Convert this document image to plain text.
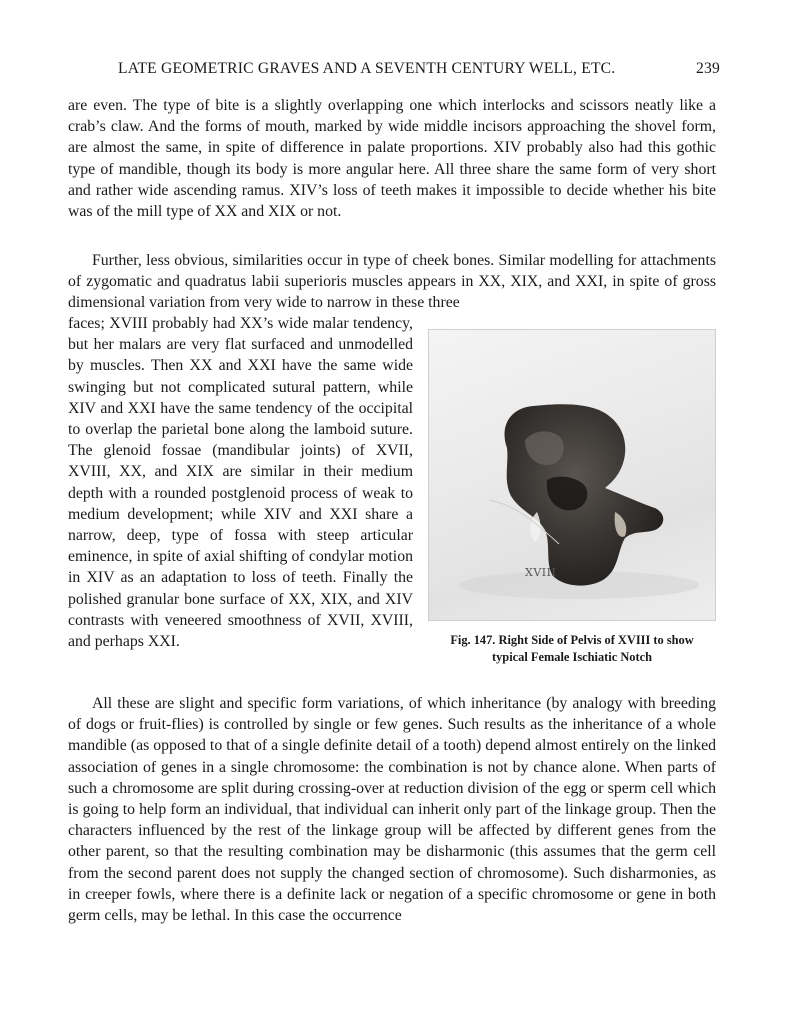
LATE GEOMETRIC GRAVES AND A SEVENTH CENTURY WELL, ETC.	239

are even. The type of bite is a slightly overlapping one which interlocks and scissors neatly like a crab’s claw. And the forms of mouth, marked by wide middle incisors approaching the shovel form, are almost the same, in spite of difference in palate proportions. XIV probably also had this gothic type of mandible, though its body is more angular here. All three share the same form of very short and rather wide ascending ramus. XIV’s loss of teeth makes it impossible to decide whether his bite was of the mill type of XX and XIX or not.

Further, less obvious, similarities occur in type of cheek bones. Similar modelling for attachments of zygomatic and quadratus labii superioris muscles appears in XX, XIX, and XXI, in spite of gross dimensional variation from very wide to narrow in these three

faces; XVIII probably had XX’s wide malar tendency, but her malars are very flat surfaced and unmodelled by muscles. Then XX and XXI have the same wide swinging but not complicated sutural pattern, while XIV and XXI have the same tendency of the occipital to overlap the parietal bone along the lamboid suture. The glenoid fossae (mandibular joints) of XVII, XVIII, XX, and XIX are similar in their medium depth with a rounded postglenoid process of weak to medium development; while XIV and XXI share a narrow, deep, type of fossa with steep articular eminence, in spite of axial shifting of condylar motion in XIV as an adaptation to loss of teeth. Finally the polished granular bone surface of XX, XIX, and XIV contrasts with veneered smoothness of XVII, XVIII, and perhaps XXI.

XVIII
Fig. 147. Right Side of Pelvis of XVIII to show
typical Female Ischiatic Notch

All these are slight and specific form variations, of which inheritance (by analogy with breeding of dogs or fruit-flies) is controlled by single or few genes. Such results as the inheritance of a whole mandible (as opposed to that of a single definite detail of a tooth) depend almost entirely on the linked association of genes in a single chromosome: the combination is not by chance alone. When parts of such a chromosome are split during crossing-over at reduction division of the egg or sperm cell which is going to help form an individual, that individual can inherit only part of the linkage group. Then the characters influenced by the rest of the linkage group will be affected by different genes from the other parent, so that the resulting combination may be disharmonic (this assumes that the germ cell from the second parent does not supply the changed section of chromosome). Such disharmonies, as in creeper fowls, where there is a definite lack or negation of a specific chromosome or gene in both germ cells, may be lethal. In this case the occurrence
